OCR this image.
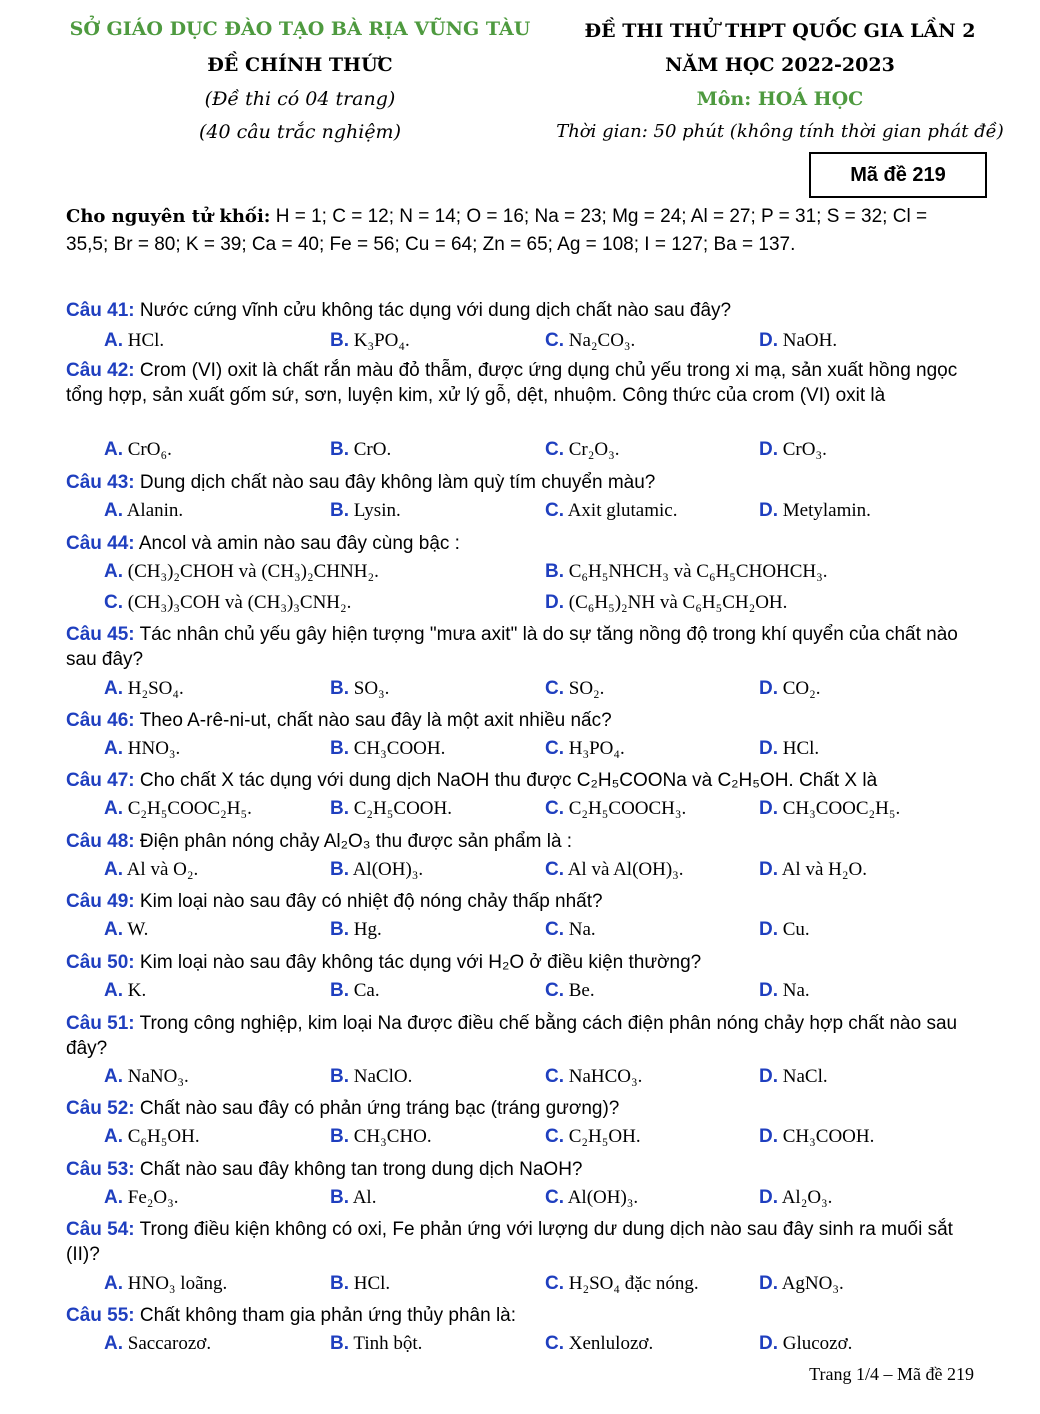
SỞ GIÁO DỤC ĐÀO TẠO BÀ RỊA VŨNG TÀU
ĐỀ CHÍNH THỨC
(Đề thi có 04 trang)
(40 câu trắc nghiệm)
ĐỀ THI THỬ THPT QUỐC GIA LẦN 2
NĂM HỌC 2022-2023
Môn: HOÁ HỌC
Thời gian: 50 phút (không tính thời gian phát đề)
Mã đề 219
Cho nguyên tử khối: H = 1; C = 12; N = 14; O = 16; Na = 23; Mg = 24; Al = 27; P = 31; S = 32; Cl =
35,5; Br = 80; K = 39; Ca = 40; Fe = 56; Cu = 64; Zn = 65; Ag = 108; I = 127; Ba = 137.
Câu 41: Nước cứng vĩnh cửu không tác dụng với dung dịch chất nào sau đây?
A. HCl.	B. K₃PO₄.	C. Na₂CO₃.	D. NaOH.
Câu 42: Crom (VI) oxit là chất rắn màu đỏ thẫm, được ứng dụng chủ yếu trong xi mạ, sản xuất hồng ngọc tổng hợp, sản xuất gốm sứ, sơn, luyện kim, xử lý gỗ, dệt, nhuộm. Công thức của crom (VI) oxit là
A. CrO₆.	B. CrO.	C. Cr₂O₃.	D. CrO₃.
Câu 43: Dung dịch chất nào sau đây không làm quỳ tím chuyển màu?
A. Alanin.	B. Lysin.	C. Axit glutamic.	D. Metylamin.
Câu 44: Ancol và amin nào sau đây cùng bậc :
A. (CH₃)₂CHOH và (CH₃)₂CHNH₂.	B. C₆H₅NHCH₃ và C₆H₅CHOHCH₃.
C. (CH₃)₃COH và (CH₃)₃CNH₂.	D. (C₆H₅)₂NH và C₆H₅CH₂OH.
Câu 45: Tác nhân chủ yếu gây hiện tượng "mưa axit" là do sự tăng nồng độ trong khí quyển của chất nào sau đây?
A. H₂SO₄.	B. SO₃.	C. SO₂.	D. CO₂.
Câu 46: Theo A-rê-ni-ut, chất nào sau đây là một axit nhiều nấc?
A. HNO₃.	B. CH₃COOH.	C. H₃PO₄.	D. HCl.
Câu 47: Cho chất X tác dụng với dung dịch NaOH thu được C₂H₅COONa và C₂H₅OH. Chất X là
A. C₂H₅COOC₂H₅.	B. C₂H₅COOH.	C. C₂H₅COOCH₃.	D. CH₃COOC₂H₅.
Câu 48: Điện phân nóng chảy Al₂O₃ thu được sản phẩm là :
A. Al và O₂.	B. Al(OH)₃.	C. Al và Al(OH)₃.	D. Al và H₂O.
Câu 49: Kim loại nào sau đây có nhiệt độ nóng chảy thấp nhất?
A. W.	B. Hg.	C. Na.	D. Cu.
Câu 50: Kim loại nào sau đây không tác dụng với H₂O ở điều kiện thường?
A. K.	B. Ca.	C. Be.	D. Na.
Câu 51: Trong công nghiệp, kim loại Na được điều chế bằng cách điện phân nóng chảy hợp chất nào sau đây?
A. NaNO₃.	B. NaClO.	C. NaHCO₃.	D. NaCl.
Câu 52: Chất nào sau đây có phản ứng tráng bạc (tráng gương)?
A. C₆H₅OH.	B. CH₃CHO.	C. C₂H₅OH.	D. CH₃COOH.
Câu 53: Chất nào sau đây không tan trong dung dịch NaOH?
A. Fe₂O₃.	B. Al.	C. Al(OH)₃.	D. Al₂O₃.
Câu 54: Trong điều kiện không có oxi, Fe phản ứng với lượng dư dung dịch nào sau đây sinh ra muối sắt (II)?
A. HNO₃ loãng.	B. HCl.	C. H₂SO₄ đặc nóng.	D. AgNO₃.
Câu 55: Chất không tham gia phản ứng thủy phân là:
A. Saccarozơ.	B. Tinh bột.	C. Xenlulozơ.	D. Glucozơ.
Trang 1/4 – Mã đề 219
